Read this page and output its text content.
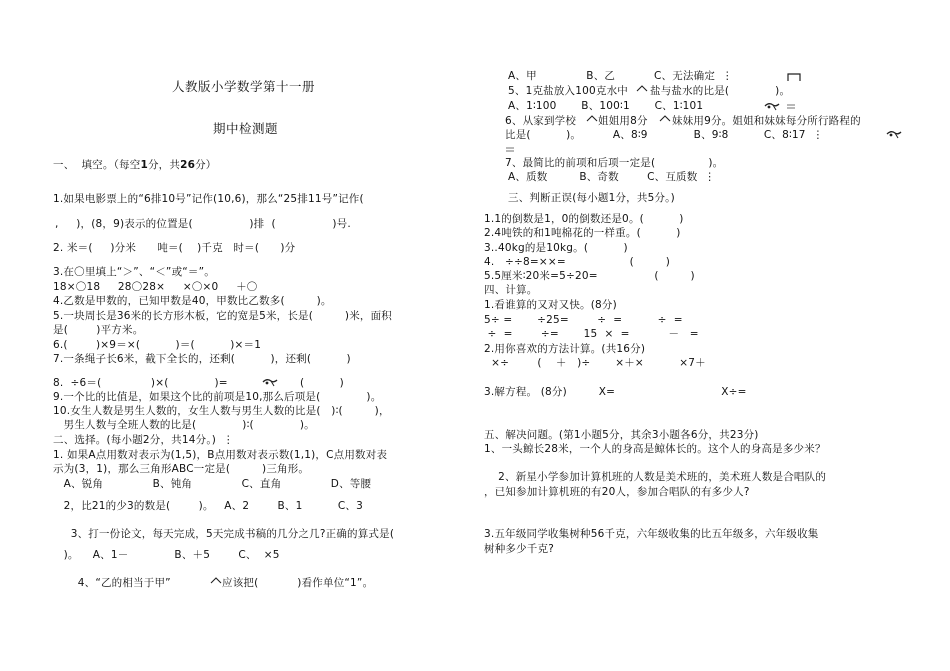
人教版小学数学第十一册
期中检测题
一、  填空。（每空1分，共26分）
1.如果电影票上的“6排10号”记作(10,6)，那么“25排11号”记作(
,     )，(8，9)表示的位置是(                )排  (                )号.
2. 米＝(     )分米      吨＝(    )千克   时＝(      )分
3.在〇里填上“＞”、“＜”或“＝”。
18×〇18     28〇28×     ×〇×0     ＋〇
4.乙数是甲数的，已知甲数是40，甲数比乙数多(         )。
5.一块周长是36米的长方形木板，它的宽是5米，长是(         )米，面积
是(        )平方米。
6.(        )×9＝×(          )＝(          )×＝1
7.一条绳子长6米，截下全长的，还剩(          )，还剩(          )
8.  ÷6＝(              )×(             )=	(          )
9.一个比的比值是，如果这个比的前项是10,那么后项是(             )。
10.女生人数是男生人数的，女生人数与男生人数的比是(   )∶(         )，
男生人数与全班人数的比是(             )∶(             )。
二、选择。(每小题2分，共14分。)  ⋮
1. 如果A点用数对表示为(1,5)，B点用数对表示数(1,1)，C点用数对表
示为(3，1)，那么三角形ABC一定是(         )三角形。
A、锐角              B、钝角              C、直角              D、等腰
2，比21的少3的数是(        )。   A、2        B、1          C、3
3、打一份论文，每天完成，5天完成书稿的几分之几?正确的算式是(
)。    A、1－             B、＋5        C、  ×5
4、“乙的相当于甲”	应该把(           )看作单位“1”。
A、甲              B、乙           C、无法确定  ⋮
5、1克盐放入100克水中 盐与盐水的比是(             )。
A、1∶100       B、100∶1       C、1∶101
6、从家到学校 姐姐用8分 妹妹用9分。姐姐和妹妹每分所行路程的
比是(          )。         A、8∶9             B、9∶8          C、8∶17  ⋮
7、最简比的前项和后项一定是(               )。
A、质数         B、奇数        C、互质数  ⋮
三、判断正误(每小题1分，共5分。)
1.1的倒数是1，0的倒数还是0。(          )
2.4吨铁的和1吨棉花的一样重。(          )
3..40kg的是10kg。(          )
4.   ÷÷8=××=                  (         )
5.5厘米∶20米=5÷20=                (         )
四、计算。
1.看谁算的又对又快。(8分)
5÷ =       ÷25=        ÷  =          ÷  =
÷  =        ÷=       15  ×  =           －   =
2.用你喜欢的方法计算。(共16分)
×÷        (    ＋   )÷       ×＋×          ×7＋
3.解方程。 (8分)         X=                              X÷=
五、解决问题。(第1小题5分，其余3小题各6分，共23分)
1、一头鲸长28米，一个人的身高是鲸体长的。这个人的身高是多少米？
2、新星小学参加计算机班的人数是美术班的，美术班人数是合唱队的
，已知参加计算机班的有20人，参加合唱队的有多少人?
3.五年级同学收集树种56千克，六年级收集的比五年级多，六年级收集
树种多少千克?
